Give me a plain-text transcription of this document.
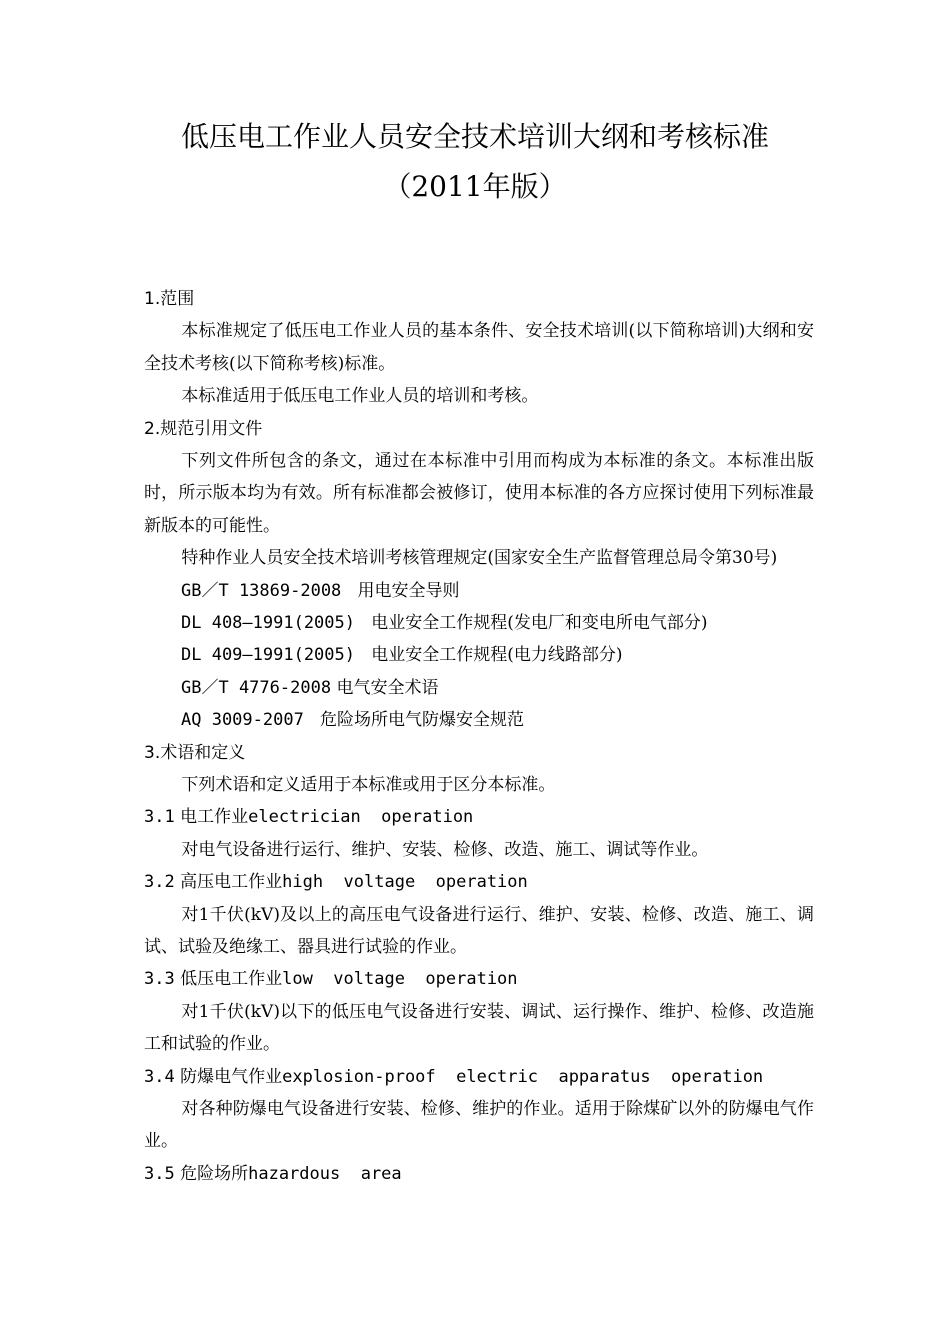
低压电工作业人员安全技术培训大纲和考核标准
（2011年版）
1.范围
本标准规定了低压电工作业人员的基本条件、安全技术培训(以下简称培训)大纲和安全技术考核(以下简称考核)标准。
本标准适用于低压电工作业人员的培训和考核。
2.规范引用文件
下列文件所包含的条文，通过在本标准中引用而构成为本标准的条文。本标准出版时，所示版本均为有效。所有标准都会被修订，使用本标准的各方应探讨使用下列标准最新版本的可能性。
特种作业人员安全技术培训考核管理规定(国家安全生产监督管理总局令第30号)
GB／T 13869-2008 用电安全导则
DL 408—1991(2005) 电业安全工作规程(发电厂和变电所电气部分)
DL 409—1991(2005) 电业安全工作规程(电力线路部分)
GB／T 4776-2008 电气安全术语
AQ 3009-2007 危险场所电气防爆安全规范
3.术语和定义
下列术语和定义适用于本标准或用于区分本标准。
3.1 电工作业electrician  operation
对电气设备进行运行、维护、安装、检修、改造、施工、调试等作业。
3.2 高压电工作业high  voltage  operation
对1千伏(kV)及以上的高压电气设备进行运行、维护、安装、检修、改造、施工、调试、试验及绝缘工、器具进行试验的作业。
3.3 低压电工作业low  voltage  operation
对1千伏(kV)以下的低压电气设备进行安装、调试、运行操作、维护、检修、改造施工和试验的作业。
3.4 防爆电气作业explosion-proof  electric  apparatus  operation
对各种防爆电气设备进行安装、检修、维护的作业。适用于除煤矿以外的防爆电气作业。
3.5 危险场所hazardous  area
